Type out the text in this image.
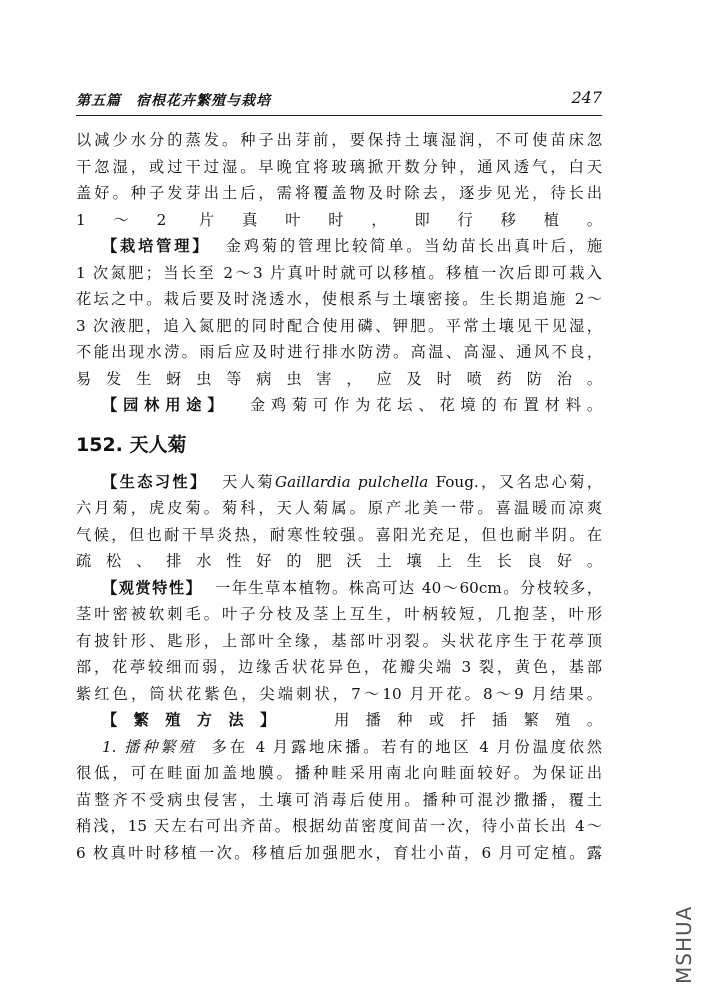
第五篇　宿根花卉繁殖与栽培	247

以减少水分的蒸发。种子出芽前，要保持土壤湿润，不可使苗床忽

干忽湿，或过干过湿。早晚宜将玻璃掀开数分钟，通风透气，白天

盖好。种子发芽出土后，需将覆盖物及时除去，逐步见光，待长出

1～2 片真叶时，即行移植。

【栽培管理】 金鸡菊的管理比较简单。当幼苗长出真叶后，施

1 次氮肥；当长至 2～3 片真叶时就可以移植。移植一次后即可栽入

花坛之中。栽后要及时浇透水，使根系与土壤密接。生长期追施 2～

3 次液肥，追入氮肥的同时配合使用磷、钾肥。平常土壤见干见湿，

不能出现水涝。雨后应及时进行排水防涝。高温、高湿、通风不良，

易发生蚜虫等病虫害，应及时喷药防治。

【园林用途】 金鸡菊可作为花坛、花境的布置材料。
152. 天人菊
【生态习性】 天人菊Gaillardia pulchella Foug.，又名忠心菊，

六月菊，虎皮菊。菊科，天人菊属。原产北美一带。喜温暖而凉爽

气候，但也耐干旱炎热，耐寒性较强。喜阳光充足，但也耐半阴。在

疏松、排水性好的肥沃土壤上生长良好。

【观赏特性】 一年生草本植物。株高可达 40～60cm。分枝较多，

茎叶密被软刺毛。叶子分枝及茎上互生，叶柄较短，几抱茎，叶形

有披针形、匙形，上部叶全缘，基部叶羽裂。头状花序生于花葶顶

部，花葶较细而弱，边缘舌状花异色，花瓣尖端 3 裂，黄色，基部

紫红色，筒状花紫色，尖端刺状，7～10 月开花。8～9 月结果。

【繁殖方法】	用播种或扦插繁殖。
1. 播种繁殖 多在 4 月露地床播。若有的地区 4 月份温度依然

很低，可在畦面加盖地膜。播种畦采用南北向畦面较好。为保证出

苗整齐不受病虫侵害，土壤可消毒后使用。播种可混沙撒播，覆土

稍浅，15 天左右可出齐苗。根据幼苗密度间苗一次，待小苗长出 4～

6 枚真叶时移植一次。移植后加强肥水，育壮小苗，6 月可定植。露

MSHUA
